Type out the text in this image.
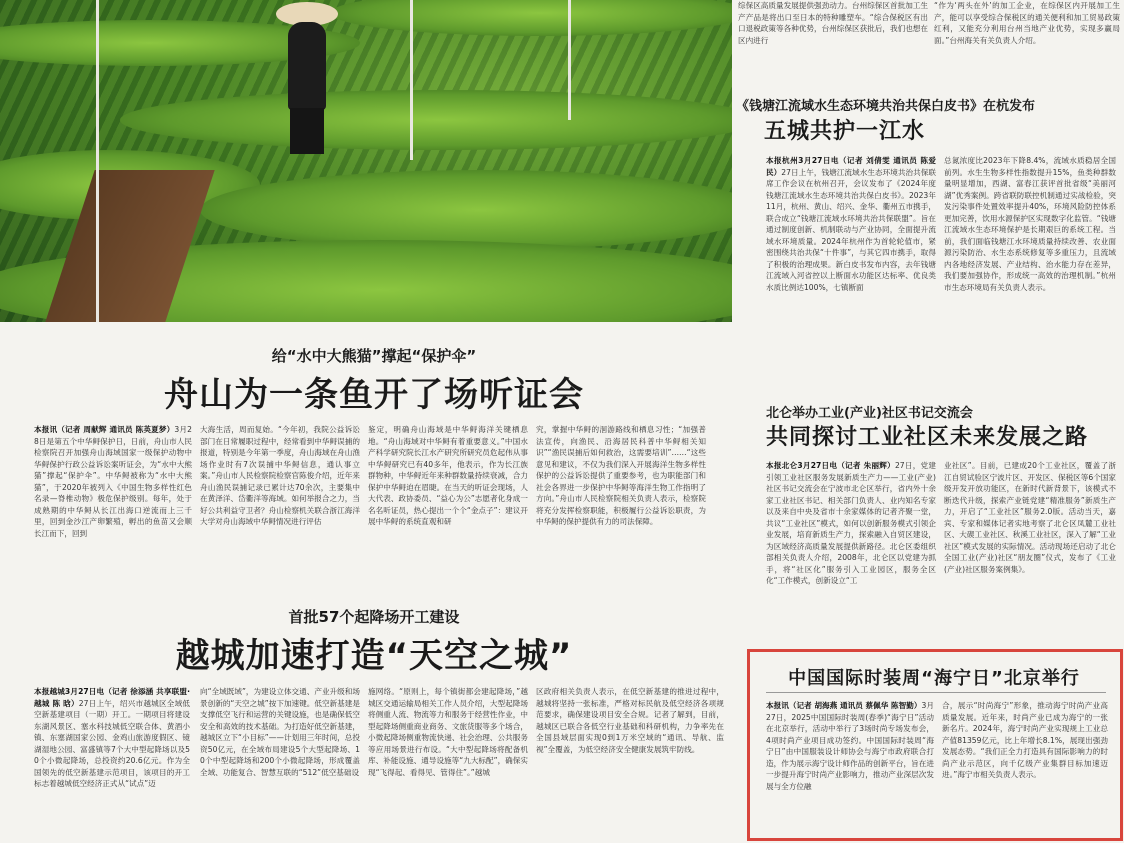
综保区高质量发展提供强劲动力。台州综保区首批加工生产产品是将出口至日本的特种雕塑车。“综合保税区有出口退税政策等各种优势，台州综保区获批后，我们也想在区内进行
“作为‘两头在外’的加工企业，在综保区内开展加工生产，能可以享受综合保税区的通关便利和加工贸易政策红利，又能充分利用台州当地产业优势，实现多赢局面。”台州海关有关负责人介绍。
《钱塘江流域水生态环境共治共保白皮书》在杭发布
五城共护一江水
本报杭州3月27日电（记者 刘倩雯 通讯员 陈爱民）27日上午，钱塘江流域水生态环境共治共保联席工作会议在杭州召开，会议发布了《2024年度钱塘江流域水生态环境共治共保白皮书》。2023年11月，杭州、黄山、绍兴、金华、衢州五市携手，联合成立“钱塘江流域水环境共治共保联盟”。旨在通过制度创新、机制联动与产业协同，全面提升流域水环境质量。2024年杭州作为首轮轮值市，紧密围绕共治共保“十件事”，与其它四市携手，取得了积极的治理成果。新白皮书发布内容，去年钱塘江流域入河省控以上断面水功能区达标率、优良类水质比例达100%，七镇断面
总氮浓度比2023年下降8.4%，流域水质稳居全国前列。水生生物多样性指数提升15%，鱼类种群数量明显增加，西湖、富春江获评首批省级“美丽河湖”优秀案例。跨省联防联控机制通过实战检验，突发污染事件处置效率提升40%，环境风险防控体系更加完善，饮用水源保护区实现数字化监管。“钱塘江流域水生态环境保护是长期艰巨的系统工程。当前，我们面临钱塘江水环境质量持续改善、农业面源污染防治、水生态系统修复等多重压力，且流域内各地经济发展、产业结构、治水能力存在差异，我们要加强协作，形成统一高效的治理机制。”杭州市生态环境局有关负责人表示。
给“水中大熊猫”撑起“保护伞”
舟山为一条鱼开了场听证会
本报讯（记者 周献辉 通讯员 陈英夏梦）3月28日是第五个中华鲟保护日，日前，舟山市人民检察院召开加强舟山海域国家一级保护动物中华鲟保护行政公益诉讼案听证会，为“水中大熊猫”撑起“保护伞”。中华鲟被称为“水中大熊猫”，于2020年被列入《中国生物多样性红色名录—脊椎动物》极危保护级别。每年，处于成熟期的中华鲟从长江出海口逆流而上三千里，回到金沙江产卵繁殖，孵出的鱼苗又会顺长江而下，回到
大海生活，周而复始。“今年初，我院公益诉讼部门在日常履职过程中，经常看到中华鲟误捕的报道，特别是今年第一季度，舟山海域在舟山渔场作业时有7次误捕中华鲟信息，通认事立案。”舟山市人民检察院检察官陈俊介绍，近年来舟山渔民误捕记录已累计达70余次，主要集中在黄泽洋、岱衢洋等海域。如何举报合之力，当好公共利益守卫者？舟山检察机关联合浙江海洋大学对舟山海域中华鲟情况进行评估
鉴定，明确舟山海域是中华鲟海洋关键栖息地。“舟山海域对中华鲟有着重要意义。”中国水产科学研究院长江水产研究所研究员危起伟从事中华鲟研究已有40多年，他表示，作为长江族群物种，中华鲟近年来种群数量持续衰减，合力保护中华鲟迫在眉睫。在当天的听证会现场，人大代表、政协委员、“益心为公”志愿者化身成一名名听证员，热心提出一个个“金点子”：建议开展中华鲟的系统直观和研
究，掌握中华鲟的洄游路线和栖息习性；“加强普法宣传，向渔民、沿海居民科普中华鲟相关知识”“渔民误捕后如何救治，这需要培训”……“这些意见和建议，不仅为我们深入开展海洋生物多样性保护的公益诉讼提供了重要参考，也为职能部门和社会各界进一步保护中华鲟等海洋生物工作指明了方向。”舟山市人民检察院相关负责人表示，检察院将充分发挥检察职能，积极履行公益诉讼职责，为中华鲟的保护提供有力的司法保障。
北仑举办工业(产业)社区书记交流会
共同探讨工业社区未来发展之路
本报北仑3月27日电（记者 朱丽辉）27日，党建引领工业社区服务发展新质生产力——工业(产业)社区书记交流会在宁波市北仑区举行，省内外十余家工业社区书记、相关部门负责人、业内知名专家以及来自中央及省市十余家媒体的记者齐聚一堂，共议“工业社区”模式，如何以创新服务模式引领企业发展，培育新质生产力，探索融入自贸区建设，为区域经济高质量发展提供新路径。北仑区委组织部相关负责人介绍，2008年，北仑区以党建为抓手，将“社区化”服务引入工业园区，服务全区化“工作模式，创新设立“工
业社区”。目前，已建成20个工业社区，覆盖了浙江自贸试验区宁波片区、开发区、保税区等6个国家级开发开放功能区，在新时代新背景下，该模式不断迭代升级，探索产业链党建“精准服务”新质生产力，开启了“工业社区”服务2.0版。活动当天，嘉宾、专家和媒体记者实地考察了北仑区凤麓工业社区、大碶工业社区、秋溪工业社区，深入了解“工业社区”模式发展的实际情况。活动现场还启动了北仑全国工业(产业)社区“朋友圈”仪式，发布了《工业(产业)社区服务案例集》。
首批57个起降场开工建设
越城加速打造“天空之城”
本报越城3月27日电（记者 徐添涵 共享联盟·越城 陈 晗）27日上午，绍兴市越城区全域低空新基建项目（一期）开工。一期项目将建设东湖风景区、塞水科技城低空联合体、黄酒小镇、东塞湖国家公园、金鸡山旅游度假区、镜湖湿地公园、富盛镇等7个大中型起降场以及50个小微起降场，总投资约20.6亿元。作为全国领先的低空新基建示范项目，该项目的开工标志着越城低空经济正式从“试点”迈
向“全域既域”，为建设立体交通、产业升级和场景创新的“天空之城”按下加速键。低空新基建是支撑低空飞行和运营的关键设施，也是确保低空安全和高效的技术基础。为打造好低空新基建，越城区立下“小目标”——计划用三年时间，总投资50亿元，在全域布局建设5个大型起降场、10个中型起降场和200个小微起降场，形成覆盖全域、功能复合、智慧互联的“512”低空基础设
施网络。“原则上，每个镇街都会建起降场，”越城区交通运输局相关工作人员介绍，大型起降场将侧重人流、物流等力和服务于经营性作业，中型起降场侧重商业商务、文旅货服等多个场合，小微起降场侧重物流快递、社会治理、公共服务等应用场景进行布设。“大中型起降场将配备机库、补能设施、通导设施等“九大标配”，确保实现“飞得起、看得见、管得住”。”越城
区政府相关负责人表示，在低空新基建的推进过程中，越城将坚持一张标准，严格对标民航及低空经济各项规范要求，确保建设项目安全合规。记者了解到，目前，越城区已联合各低空行业基础和科研机构，力争率先在全国县域层面实现0到1万米空域的“通讯、导航、监视”全覆盖，为低空经济安全健康发展筑牢防线。
中国国际时装周“海宁日”北京举行
本报讯（记者 胡海燕 通讯员 蔡佩华 陈智勤）3月27日，2025中国国际时装周(春季)“海宁日”活动在北京举行，活动中举行了3场时尚专场发布会，4项时尚产业项目成功签约。中国国际时装周“海宁日”由中国服装设计师协会与海宁市政府联合打造，作为展示海宁设计师作品的创新平台，旨在进一步提升海宁时尚产业影响力，推动产业深层次发展与全方位融
合，展示“时尚海宁”形象，推动海宁时尚产业高质量发展。近年来，时尚产业已成为海宁的一张新名片。2024年，海宁时尚产业实现规上工业总产值81359亿元，比上年增长8.1%，展现出强劲发展态势。“我们正全力打造具有国际影响力的时尚产业示范区，向千亿级产业集群目标加速迈进。”海宁市相关负责人表示。
